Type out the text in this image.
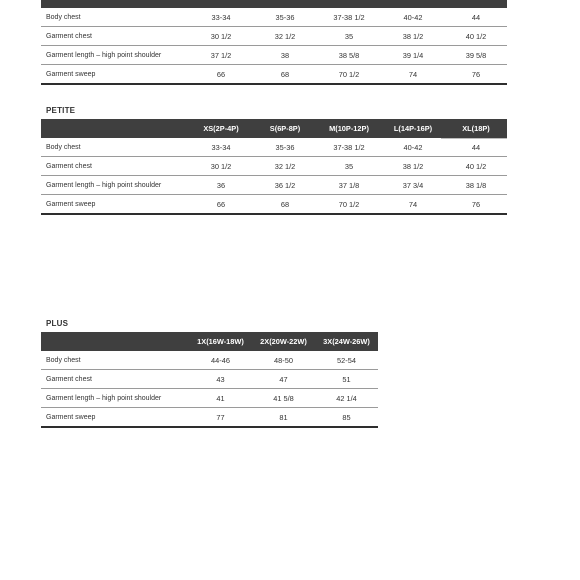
Body chest	33-34	35-36	37-38 1/2	40-42	44
Garment chest	30 1/2	32 1/2	35	38 1/2	40 1/2
Garment length – high point shoulder	37 1/2	38	38 5/8	39 1/4	39 5/8
Garment sweep	66	68	70 1/2	74	76
PETITE
	XS(2P-4P)	S(6P-8P)	M(10P-12P)	L(14P-16P)	XL(18P)
Body chest	33-34	35-36	37-38 1/2	40-42	44
Garment chest	30 1/2	32 1/2	35	38 1/2	40 1/2
Garment length – high point shoulder	36	36 1/2	37 1/8	37 3/4	38 1/8
Garment sweep	66	68	70 1/2	74	76
PLUS
	1X(16W-18W)	2X(20W-22W)	3X(24W-26W)
Body chest	44-46	48-50	52-54
Garment chest	43	47	51
Garment length – high point shoulder	41	41 5/8	42 1/4
Garment sweep	77	81	85
